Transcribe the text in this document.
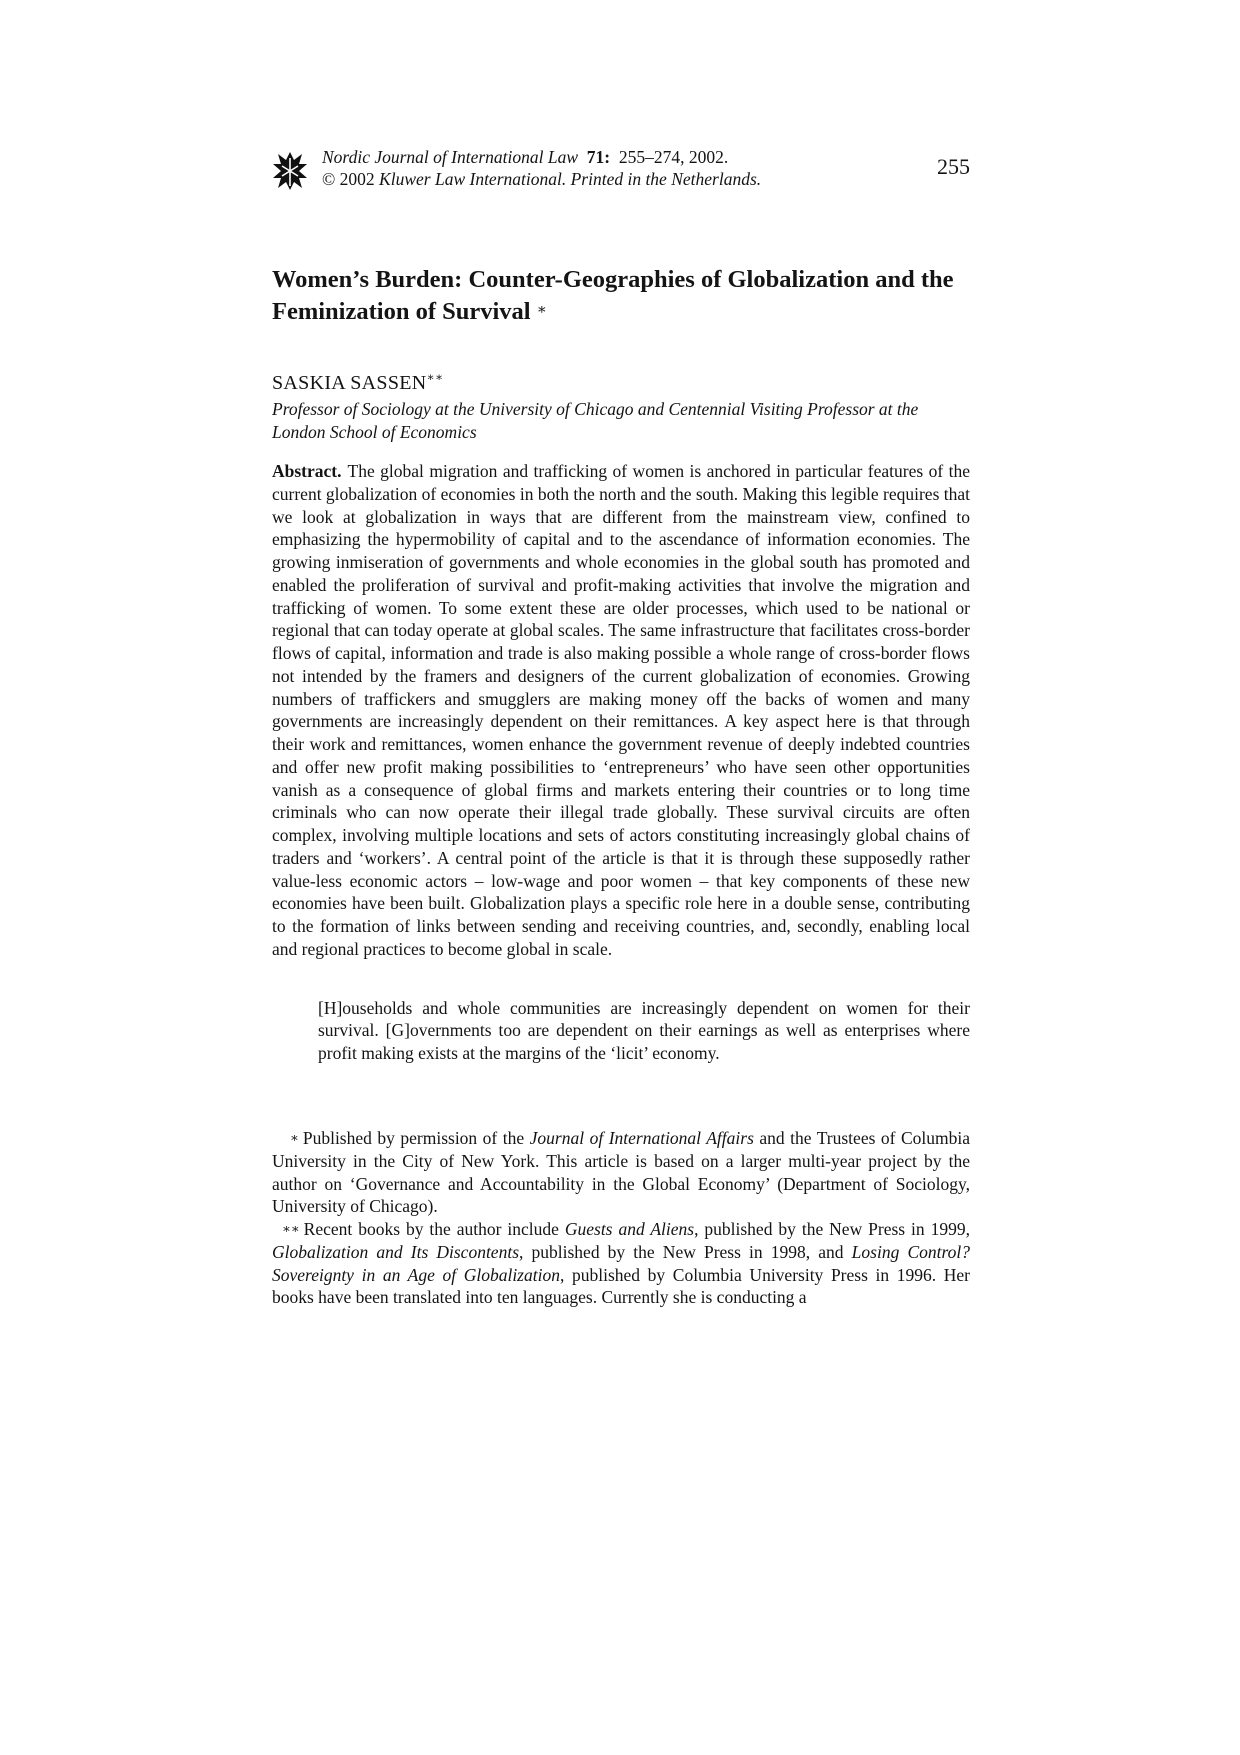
Nordic Journal of International Law 71: 255–274, 2002.
© 2002 Kluwer Law International. Printed in the Netherlands.	255
Women’s Burden: Counter-Geographies of Globalization and the
Feminization of Survival ∗
SASKIA SASSEN∗∗
Professor of Sociology at the University of Chicago and Centennial Visiting Professor at the London School of Economics

Abstract. The global migration and trafficking of women is anchored in particular features of the current globalization of economies in both the north and the south. Making this legible requires that we look at globalization in ways that are different from the mainstream view, confined to emphasizing the hypermobility of capital and to the ascendance of information economies. The growing inmiseration of governments and whole economies in the global south has promoted and enabled the proliferation of survival and profit-making activities that involve the migration and trafficking of women. To some extent these are older processes, which used to be national or regional that can today operate at global scales. The same infrastructure that facilitates cross-border flows of capital, information and trade is also making possible a whole range of cross-border flows not intended by the framers and designers of the current globalization of economies. Growing numbers of traffickers and smugglers are making money off the backs of women and many governments are increasingly dependent on their remittances. A key aspect here is that through their work and remittances, women enhance the government revenue of deeply indebted countries and offer new profit making possibilities to ‘entrepreneurs’ who have seen other opportunities vanish as a consequence of global firms and markets entering their countries or to long time criminals who can now operate their illegal trade globally. These survival circuits are often complex, involving multiple locations and sets of actors constituting increasingly global chains of traders and ‘workers’. A central point of the article is that it is through these supposedly rather value-less economic actors – low-wage and poor women – that key components of these new economies have been built. Globalization plays a specific role here in a double sense, contributing to the formation of links between sending and receiving countries, and, secondly, enabling local and regional practices to become global in scale.

[H]ouseholds and whole communities are increasingly dependent on women for their survival. [G]overnments too are dependent on their earnings as well as enterprises where profit making exists at the margins of the ‘licit’ economy.

∗ Published by permission of the Journal of International Affairs and the Trustees of Columbia University in the City of New York. This article is based on a larger multi-year project by the author on ‘Governance and Accountability in the Global Economy’ (Department of Sociology, University of Chicago).

∗∗ Recent books by the author include Guests and Aliens, published by the New Press in 1999, Globalization and Its Discontents, published by the New Press in 1998, and Losing Control? Sovereignty in an Age of Globalization, published by Columbia University Press in 1996. Her books have been translated into ten languages. Currently she is conducting a
